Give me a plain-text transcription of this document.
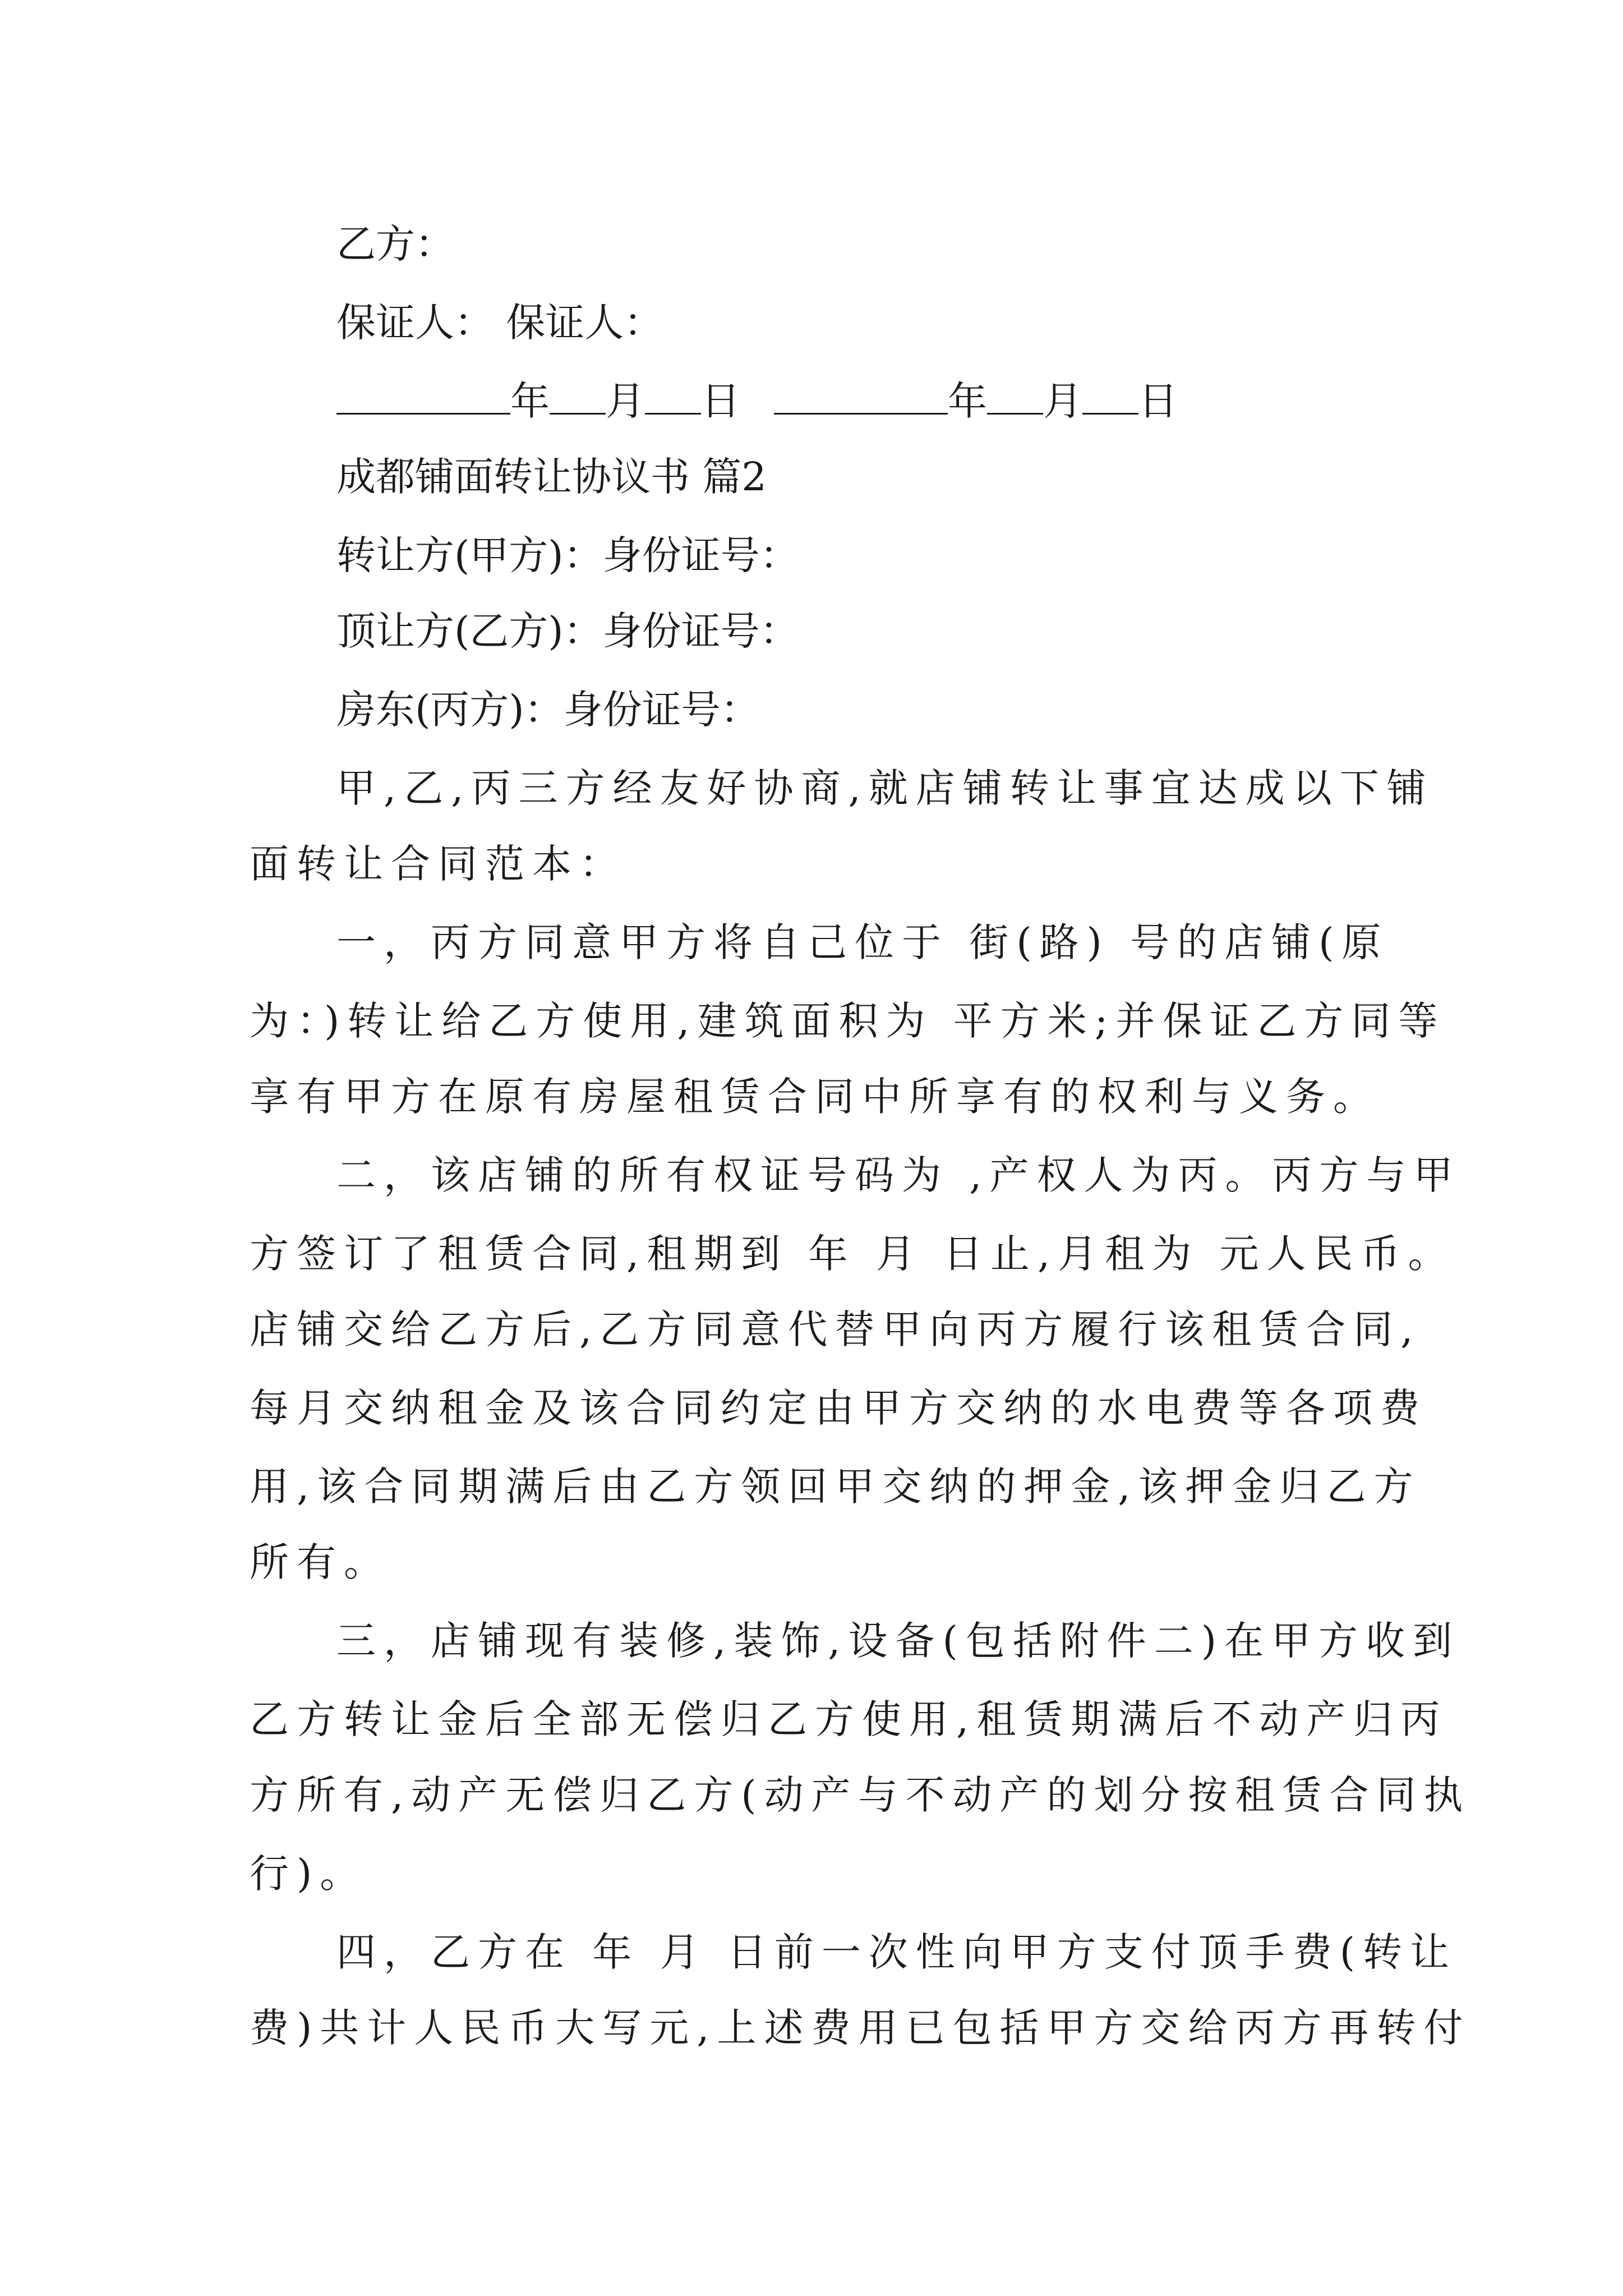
乙方：
保证人： 保证人：
年 月 日	年 月 日
成都铺面转让协议书 篇2
转让方(甲方)：身份证号：
顶让方(乙方)：身份证号：
房东(丙方)：身份证号：
甲,乙,丙三方经友好协商,就店铺转让事宜达成以下铺
面转让合同范本：
一，丙方同意甲方将自己位于 街(路) 号的店铺(原
为：)转让给乙方使用,建筑面积为 平方米;并保证乙方同等
享有甲方在原有房屋租赁合同中所享有的权利与义务。
二，该店铺的所有权证号码为 ,产权人为丙。丙方与甲
方签订了租赁合同,租期到 年 月 日止,月租为 元人民币。
店铺交给乙方后,乙方同意代替甲向丙方履行该租赁合同,
每月交纳租金及该合同约定由甲方交纳的水电费等各项费
用,该合同期满后由乙方领回甲交纳的押金,该押金归乙方
所有。
三，店铺现有装修,装饰,设备(包括附件二)在甲方收到
乙方转让金后全部无偿归乙方使用,租赁期满后不动产归丙
方所有,动产无偿归乙方(动产与不动产的划分按租赁合同执
行)。
四，乙方在 年 月 日前一次性向甲方支付顶手费(转让
费)共计人民币大写元,上述费用已包括甲方交给丙方再转付
